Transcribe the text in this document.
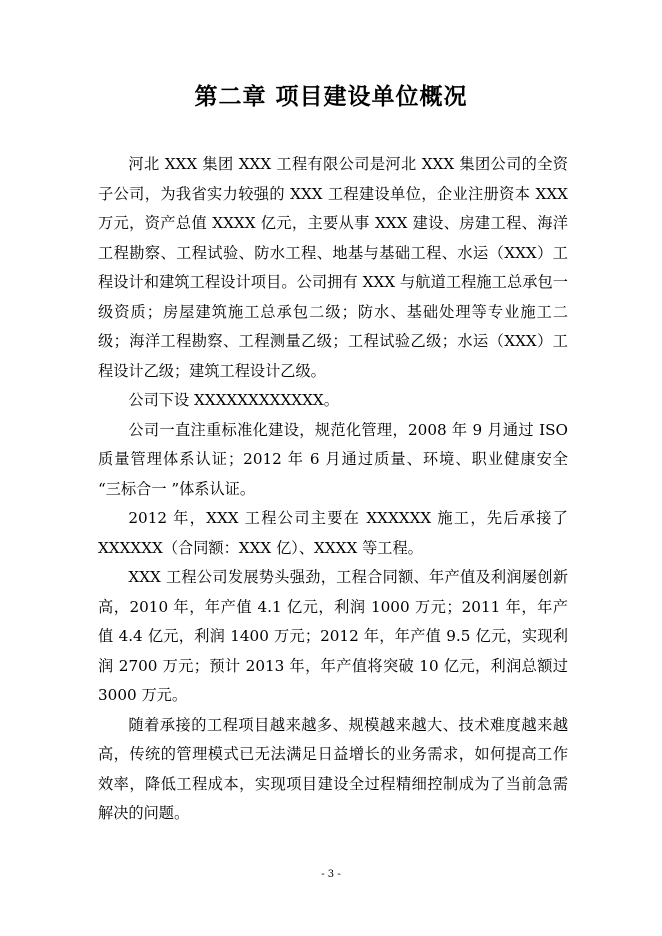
第二章 项目建设单位概况

河北 XXX 集团 XXX 工程有限公司是河北 XXX 集团公司的全资子公司，为我省实力较强的 XXX 工程建设单位，企业注册资本 XXX 万元，资产总值 XXXX 亿元，主要从事 XXX 建设、房建工程、海洋工程勘察、工程试验、防水工程、地基与基础工程、水运（XXX）工程设计和建筑工程设计项目。公司拥有 XXX 与航道工程施工总承包一级资质；房屋建筑施工总承包二级；防水、基础处理等专业施工二级；海洋工程勘察、工程测量乙级；工程试验乙级；水运（XXX）工程设计乙级；建筑工程设计乙级。

公司下设 XXXXXXXXXXXX。

公司一直注重标准化建设，规范化管理，2008 年 9 月通过 ISO 质量管理体系认证；2012 年 6 月通过质量、环境、职业健康安全 “三标合一 ”体系认证。

2012 年，XXX 工程公司主要在 XXXXXX 施工，先后承接了 XXXXXX（合同额：XXX 亿）、XXXX 等工程。

XXX 工程公司发展势头强劲，工程合同额、年产值及利润屡创新高，2010 年，年产值 4.1 亿元，利润 1000 万元；2011 年，年产值 4.4 亿元，利润 1400 万元；2012 年，年产值 9.5 亿元，实现利润 2700 万元；预计 2013 年，年产值将突破 10 亿元，利润总额过 3000 万元。

随着承接的工程项目越来越多、规模越来越大、技术难度越来越高，传统的管理模式已无法满足日益增长的业务需求，如何提高工作效率，降低工程成本，实现项目建设全过程精细控制成为了当前急需解决的问题。

- 3 -
